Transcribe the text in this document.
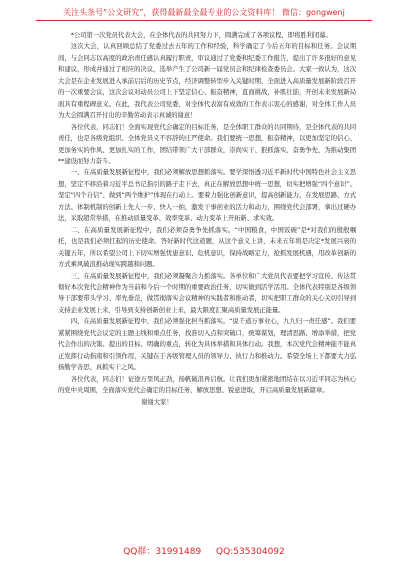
关注头条号“公文研究”，获得最新最全最专业的公文资料库！ 微信：gongwenj

*公司第一次党员代表大会，在全体代表的共同努力下，圆满完成了各项议程，即将胜利闭幕。

这次大会，认真回顾总结了党委过去五年的工作和经验，科学确定了今后五年的目标和任务。会议期间，与会同志以高度的政治责任感认真履行职责，审议通过了党委和纪委工作报告，提出了许多很好的意见和建议，形成并通过了相应的决议，选举产生了公司新一届党员会和纪律检查委员会。大家一致认为，这次大会是在企业发展进入承前启后的历史节点，经济调整转型步入关键时期、全面进入高质量发展新阶段召开的一次重要会议，这次会议对动员公司上下坚定信心、振奋精神，直面挑战，补肌壮筋，开创未来发展新局面具有重程碑意义。在此，我代表公司党委，对全体代表富有成效的工作表示衷心的感谢，对全体工作人员为大会圆满召开付出的辛勤劳动表示真诚的谢意！

各位代表，同志们！全面实现党代会确定的目标任务，是全体职工群众的共同期待，是全体代表的共同责任，也是各级党组织、全体党员义不容辞的庄严使命。我们要统一思想，振奋精神，以更加坚定的信心、更加务实的作风、更加扎实的工作，团结带领广大干部群众，崇尚实干、狠抓落实、奋勇争先，为推动集团**建设而努力奋斗。

一、在高质量发展新征程中，我们必须解放思想抓落实。要学深悟透习近平新时代中国特色社会主义思想，坚定不移沿着习近平总书记指引的路子走下去，真正在解放思想中统一思想，切实把增强“四个意识”、坚定“四个自信”、做到“两个维护”体现在行动上。要着力强化创新意识，提高创新能力，在发展思路、方式方法、体制机制的创新上先人一步、快人一拍，激发干事创业的活力和动力，围绕党代会部署，拿出过硬办法，采取超常举措，在推动质量变革、效率变革、动力变革上开拓新、求实效。

二、在高质量发展新征程中，我们必须奋勇争先抓落实。“中国粮食，中国饭碗”是*对我们的殷殷嘱托，也是我们必须扛起的历史使命。答好新时代这道题，从这个意义上讲，未来五年将是决定*发展兴衰的关键五年，所以希望公司上下切实增强忧患意识、危机意识，保持战略定力，抢抓发展机遇，用改革创新的方式乘风破浪推动现实跨越和问题。

三、在高质量发展新征程中，我们必须凝聚合力抓落实。各单位和广大党员代表要把学习宣传、传达贯彻好本次党代会精神作为当前和今后一个时期的重要政治任务，切实做到活学活用。全体代表特别是各级领导干部要带头学习、率先垂范，做贯彻落实会议精神的实践者和推动者，切实把职工群众的关心关切引导到支持企业发展上来，引导到支持创新创业上来，最大限度汇聚高质量发展正能量。

四、在高质量发展新征程中，我们必须强化担当抓落实。“说千道万事业心，九九归一责任感”。我们要紧紧围绕党代会议定的主题主线和重点任务，找准切入点和突破口，统筹谋划，理清思路、增添举措，把党代会作出的决策、提出的目标、明确的重点，转化为具体举措和具体行动。我想，本次党代会精神能不能真正发挥行动指南和引领作用，关键在于各级管理人员的领导力、执行力和推动力。希望全场上下都要大力弘扬勤学善思、真抓实干之风。

各位代表，同志们！征途万里风正劲，扬帆破浪再启航。让我们更加紧密地团结在以习近平同志为核心的党中央周围，全面落实党代会确定的目标任务，解放思想、锐意进取，开启高质量发展新篇章。

谢谢大家！

QQ群：31991489 QQ:535304092
